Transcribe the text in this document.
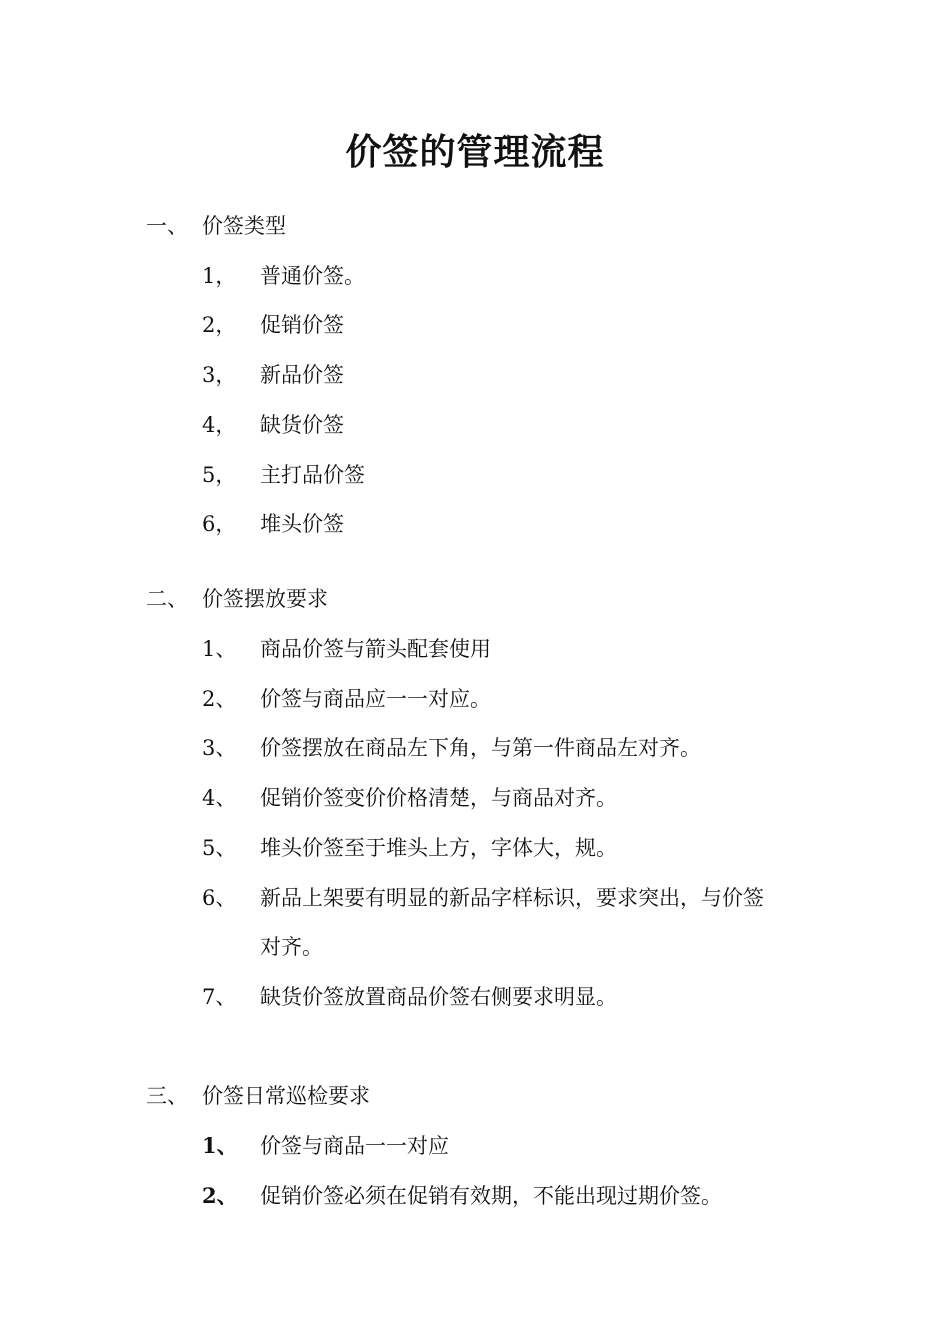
价签的管理流程
一、 价签类型
1， 普通价签。
2， 促销价签
3， 新品价签
4， 缺货价签
5， 主打品价签
6， 堆头价签
二、 价签摆放要求
1、 商品价签与箭头配套使用
2、 价签与商品应一一对应。
3、 价签摆放在商品左下角，与第一件商品左对齐。
4、 促销价签变价价格清楚，与商品对齐。
5、 堆头价签至于堆头上方，字体大，规。
6、 新品上架要有明显的新品字样标识，要求突出，与价签
对齐。
7、 缺货价签放置商品价签右侧要求明显。
三、 价签日常巡检要求
1、 价签与商品一一对应
2、 促销价签必须在促销有效期，不能出现过期价签。
